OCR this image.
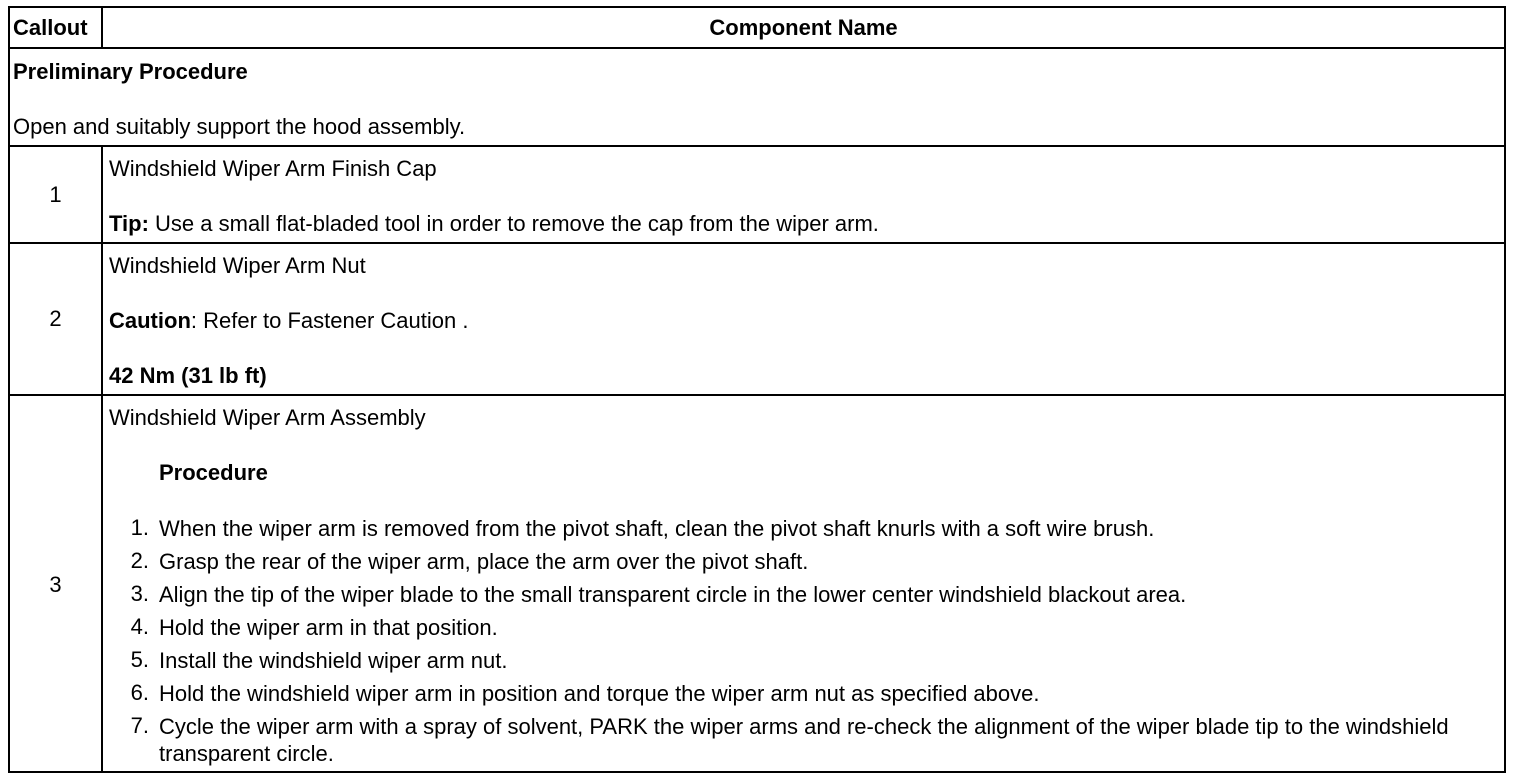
Callout	Component Name
Preliminary Procedure
Open and suitably support the hood assembly.
1
Windshield Wiper Arm Finish Cap
Tip: Use a small flat-bladed tool in order to remove the cap from the wiper arm.
2
Windshield Wiper Arm Nut
Caution: Refer to Fastener Caution .
42 Nm (31 lb ft)
3
Windshield Wiper Arm Assembly
Procedure
1. When the wiper arm is removed from the pivot shaft, clean the pivot shaft knurls with a soft wire brush.
2. Grasp the rear of the wiper arm, place the arm over the pivot shaft.
3. Align the tip of the wiper blade to the small transparent circle in the lower center windshield blackout area.
4. Hold the wiper arm in that position.
5. Install the windshield wiper arm nut.
6. Hold the windshield wiper arm in position and torque the wiper arm nut as specified above.
7. Cycle the wiper arm with a spray of solvent, PARK the wiper arms and re-check the alignment of the wiper blade tip to the windshield transparent circle.
